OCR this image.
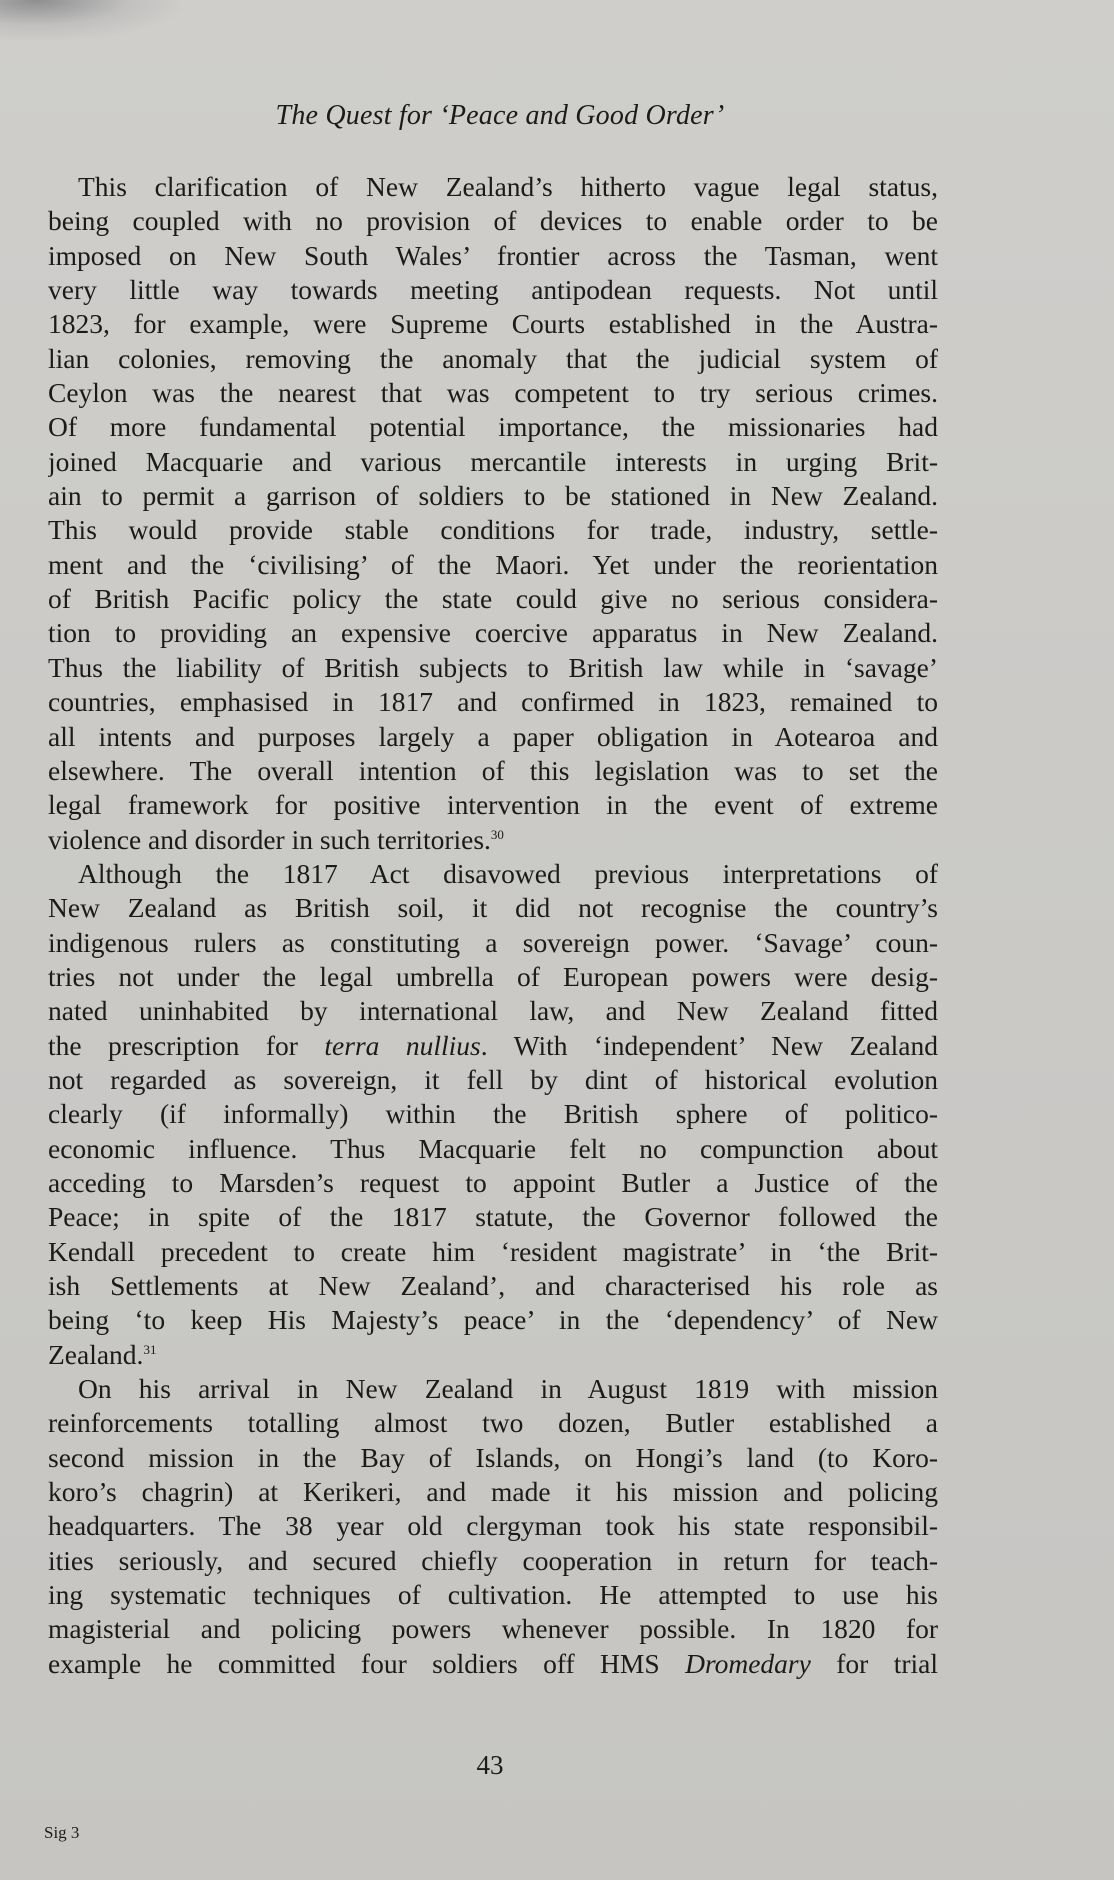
The Quest for ‘Peace and Good Order’
This clarification of New Zealand’s hitherto vague legal status,
being coupled with no provision of devices to enable order to be
imposed on New South Wales’ frontier across the Tasman, went
very little way towards meeting antipodean requests. Not until
1823, for example, were Supreme Courts established in the Austra-
lian colonies, removing the anomaly that the judicial system of
Ceylon was the nearest that was competent to try serious crimes.
Of more fundamental potential importance, the missionaries had
joined Macquarie and various mercantile interests in urging Brit-
ain to permit a garrison of soldiers to be stationed in New Zealand.
This would provide stable conditions for trade, industry, settle-
ment and the ‘civilising’ of the Maori. Yet under the reorientation
of British Pacific policy the state could give no serious considera-
tion to providing an expensive coercive apparatus in New Zealand.
Thus the liability of British subjects to British law while in ‘savage’
countries, emphasised in 1817 and confirmed in 1823, remained to
all intents and purposes largely a paper obligation in Aotearoa and
elsewhere. The overall intention of this legislation was to set the
legal framework for positive intervention in the event of extreme
violence and disorder in such territories.$^{30}$
Although the 1817 Act disavowed previous interpretations of
New Zealand as British soil, it did not recognise the country’s
indigenous rulers as constituting a sovereign power. ‘Savage’ coun-
tries not under the legal umbrella of European powers were desig-
nated uninhabited by international law, and New Zealand fitted
the prescription for terra nullius. With ‘independent’ New Zealand
not regarded as sovereign, it fell by dint of historical evolution
clearly (if informally) within the British sphere of politico-
economic influence. Thus Macquarie felt no compunction about
acceding to Marsden’s request to appoint Butler a Justice of the
Peace; in spite of the 1817 statute, the Governor followed the
Kendall precedent to create him ‘resident magistrate’ in ‘the Brit-
ish Settlements at New Zealand’, and characterised his role as
being ‘to keep His Majesty’s peace’ in the ‘dependency’ of New
Zealand.$^{31}$
On his arrival in New Zealand in August 1819 with mission
reinforcements totalling almost two dozen, Butler established a
second mission in the Bay of Islands, on Hongi’s land (to Koro-
koro’s chagrin) at Kerikeri, and made it his mission and policing
headquarters. The 38 year old clergyman took his state responsibil-
ities seriously, and secured chiefly cooperation in return for teach-
ing systematic techniques of cultivation. He attempted to use his
magisterial and policing powers whenever possible. In 1820 for
example he committed four soldiers off HMS Dromedary for trial
43
Sig 3
